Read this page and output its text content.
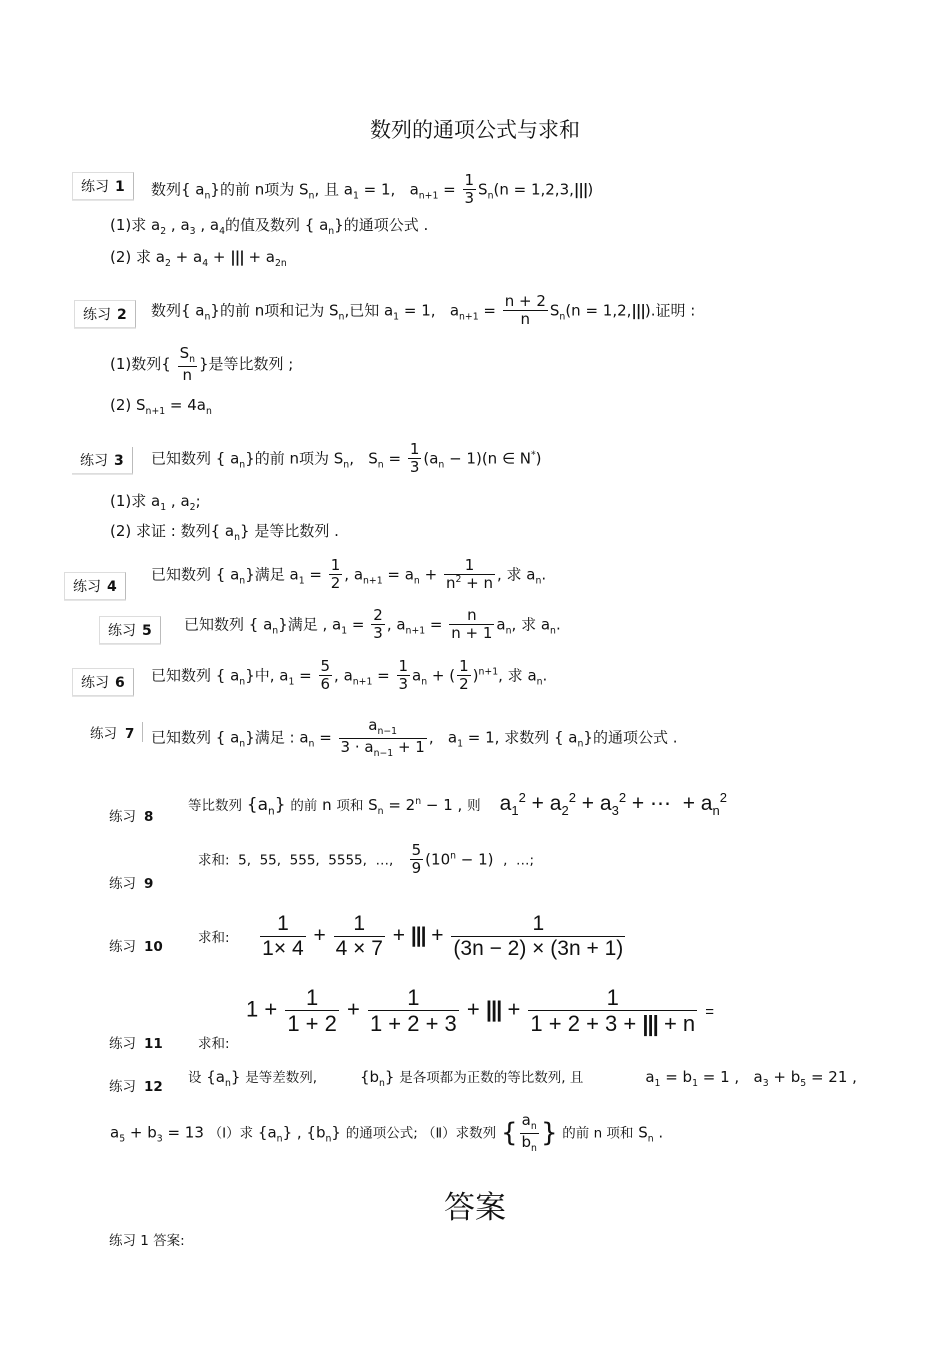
数列的通项公式与求和
练习 1	数列{ $a_n$}的前 n项为 $S_n$, 且 $a_1 = 1$,   $a_{n+1} = \frac{1}{3} S_n(n = 1,2,3,|||)$
(1)求 $a_2$ , $a_3$ , $a_4$的值及数列 { $a_n$}的通项公式 .
(2) 求 $a_2 + a_4$ + ||| + $a_{2n}$
练习 2	数列{ $a_n$}的前 n项和记为 $S_n$,已知 $a_1 = 1$,   $a_{n+1} = \frac{n + 2}{n} S_n(n = 1,2,|||)$.证明 :
(1)数列{ $\frac{S_n}{n}$ }是等比数列 ;
(2) $S_{n+1} = 4a_n$
练习 3	已知数列 { $a_n$}的前 n项为 $S_n$,   $S_n = \frac{1}{3} (a_n - 1)(n$ ∈ N*)
(1)求 $a_1$ , $a_2$;
(2) 求证 : 数列{ $a_n$} 是等比数列 .
练习 4
已知数列 { $a_n$}满足 $a_1 = \frac{1}{2}$ , $a_{n+1} = a_n + \frac{1}{n^2 + n}$ , 求 $a_n$.
练习 5	已知数列 { $a_n$}满足 , $a_1 = \frac{2}{3}$ , $a_{n+1} = \frac{n}{n + 1} a_n$, 求 $a_n$.
练习 6	已知数列 { $a_n$}中, $a_1 = \frac{5}{6}$ , $a_{n+1} = \frac{1}{3} a_n$ + ( $\frac{1}{2} )^{n+1}$, 求 $a_n$.
练习 7	已知数列 { $a_n$}满足 : $a_n = \frac{a_{n-1}}{3 \cdot a_{n-1} + 1}$ ,   $a_1 = 1$, 求数列 { $a_n$}的通项公式 .
练习 8
等比数列 $\{a_n\}$ 的前 n 项和 $S_n = 2^n - 1$ , 则 $a_1^2 + a_2^2 + a_3^2$ + ⋯  + $a_n^2$
练习 9
求和:  5,  55,  555,  5555,  …, $\frac{5}{9} (10^n - 1)$  ,  …;
练习 10
求和: $\frac{1}{1\times 4} + \frac{1}{4 \times 7}$ + ||| + $\frac{1}{(3n - 2) \times (3n + 1)}$
练习 11	求和:
$1 + \frac{1}{1 + 2} + \frac{1}{1 + 2 + 3}$ + ||| + $\frac{1}{1 + 2 + 3 + ||| + n}$ =
练习 12
设 $\{a_n\}$ 是等差数列,         $\{b_n\}$ 是各项都为正数的等比数列, 且             $a_1 = b_1 = 1$ ,   $a_3 + b_5 = 21$ ,
$a_5 + b_3 = 13$ （Ⅰ）求 $\{a_n\}$ , $\{b_n\}$ 的通项公式; （Ⅱ）求数列 { $\frac{a_n}{b_n}$ } 的前 n 项和 $S_n$ .
答案
练习 1 答案:
